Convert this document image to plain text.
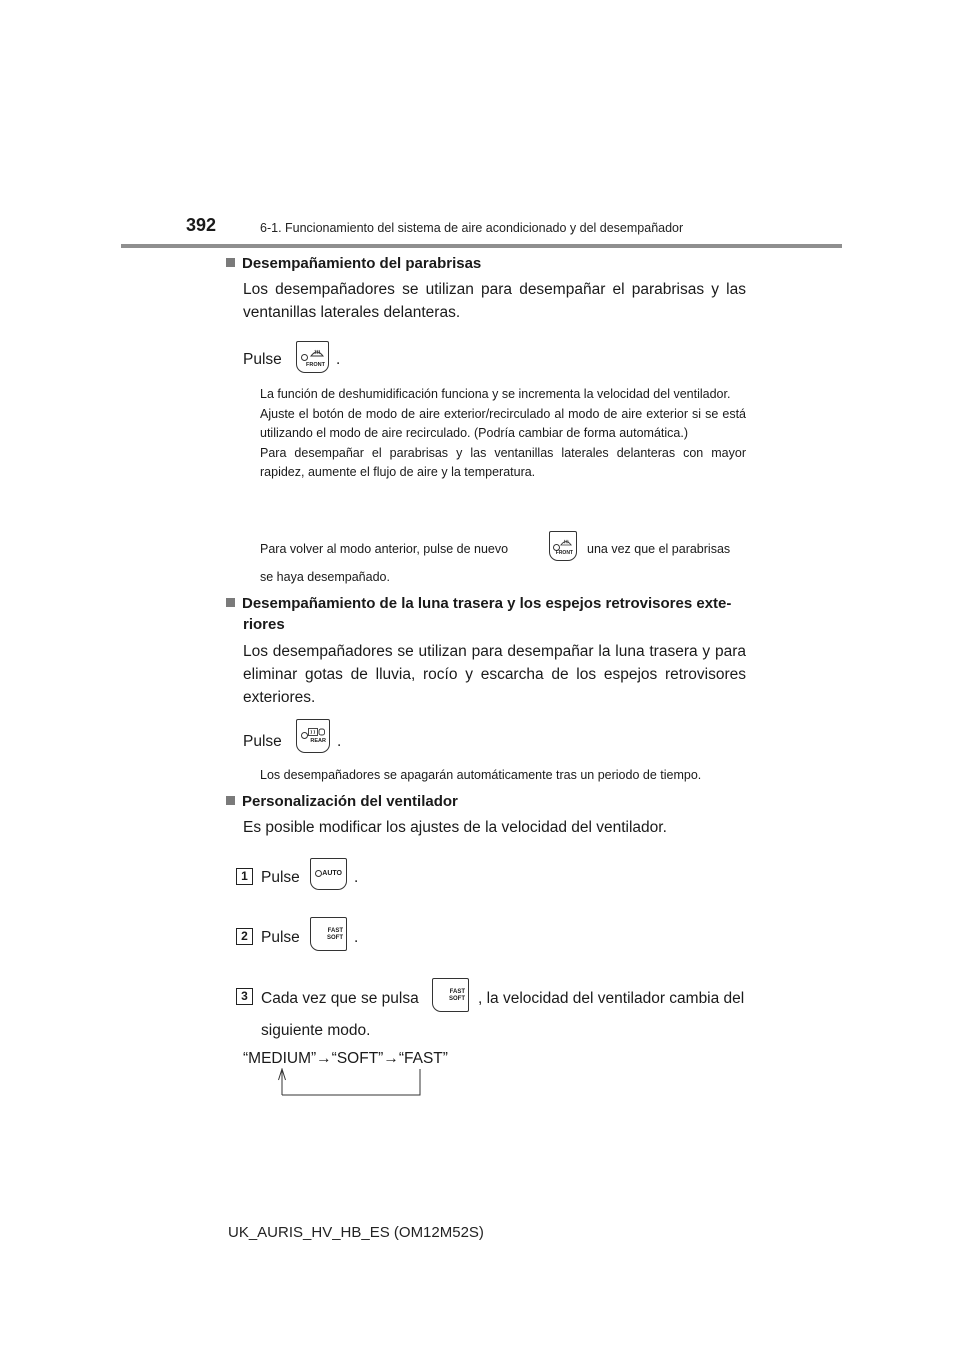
392	6-1. Funcionamiento del sistema de aire acondicionado y del desempañador
Desempañamiento del parabrisas
Los desempañadores se utilizan para desempañar el parabrisas y las ventanillas laterales delanteras.
Pulse	FRONT .

La función de deshumidificación funciona y se incrementa la velocidad del ventilador.

Ajuste el botón de modo de aire exterior/recirculado al modo de aire exterior si se está utilizando el modo de aire recirculado. (Podría cambiar de forma automática.)

Para desempañar el parabrisas y las ventanillas laterales delanteras con mayor rapidez, aumente el flujo de aire y la temperatura.

Para volver al modo anterior, pulse de nuevo	FRONT una vez que el parabrisas
se haya desempañado.
Desempañamiento de la luna trasera y los espejos retrovisores exte-
riores
Los desempañadores se utilizan para desempañar la luna trasera y para eliminar gotas de lluvia, rocío y escarcha de los espejos retrovisores exteriores.
Pulse	REAR .
Los desempañadores se apagarán automáticamente tras un periodo de tiempo.
Personalización del ventilador
Es posible modificar los ajustes de la velocidad del ventilador.
1 Pulse	AUTO .
2 Pulse	FAST
SOFT .
3 Cada vez que se pulsa	FAST
SOFT , la velocidad del ventilador cambia del
siguiente modo.
“MEDIUM”→“SOFT”→“FAST”
UK_AURIS_HV_HB_ES (OM12M52S)
